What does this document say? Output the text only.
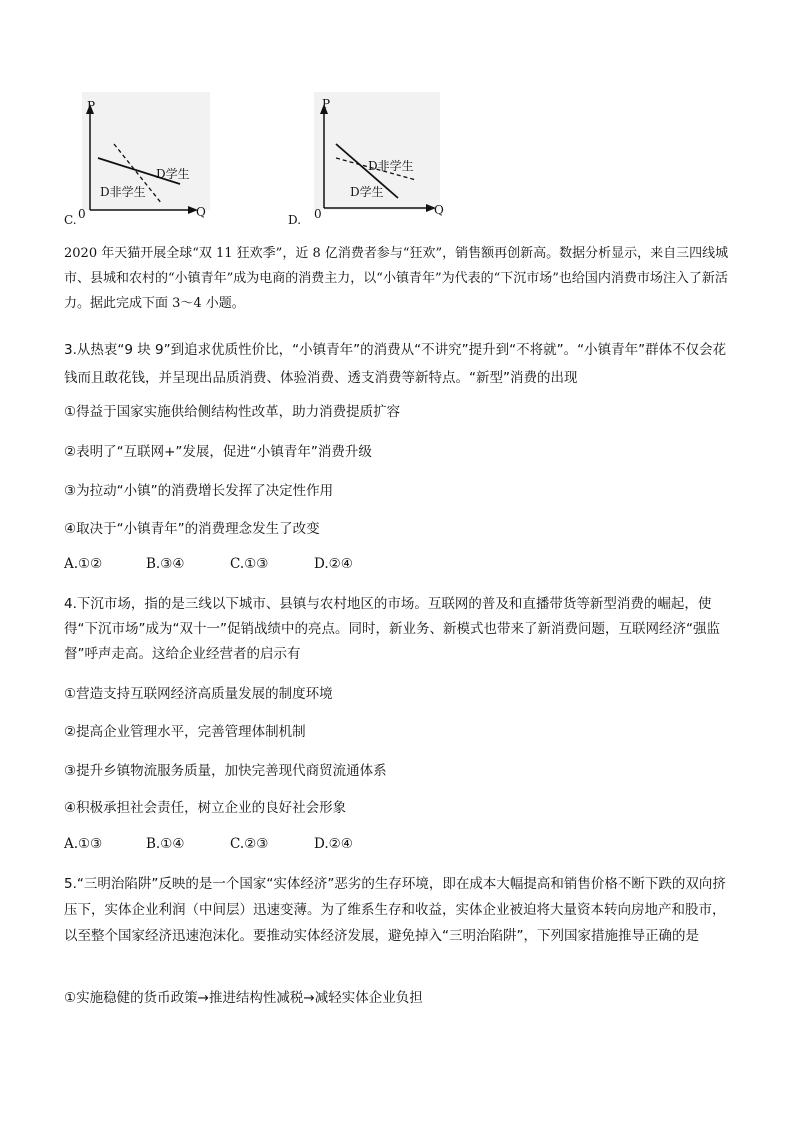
P
Q
0
D学生
D非学生
C.
P
Q
0
D非学生
D学生
D.
2020 年天猫开展全球“双 11 狂欢季”，近 8 亿消费者参与“狂欢”，销售额再创新高。数据分析显示，来自三四线城市、县城和农村的“小镇青年”成为电商的消费主力，以“小镇青年”为代表的“下沉市场”也给国内消费市场注入了新活力。据此完成下面 3～4 小题。
3.从热衷“9 块 9”到追求优质性价比，“小镇青年”的消费从“不讲究”提升到“不将就”。“小镇青年”群体不仅会花钱而且敢花钱，并呈现出品质消费、体验消费、透支消费等新特点。“新型”消费的出现
①得益于国家实施供给侧结构性改革，助力消费提质扩容
②表明了“互联网+”发展，促进“小镇青年”消费升级
③为拉动“小镇”的消费增长发挥了决定性作用
④取决于“小镇青年”的消费理念发生了改变
A.①②	B.③④	C.①③	D.②④
4.下沉市场，指的是三线以下城市、县镇与农村地区的市场。互联网的普及和直播带货等新型消费的崛起，使得“下沉市场”成为“双十一”促销战绩中的亮点。同时，新业务、新模式也带来了新消费问题，互联网经济“强监督”呼声走高。这给企业经营者的启示有
①营造支持互联网经济高质量发展的制度环境
②提高企业管理水平，完善管理体制机制
③提升乡镇物流服务质量，加快完善现代商贸流通体系
④积极承担社会责任，树立企业的良好社会形象
A.①③	B.①④	C.②③	D.②④
5.“三明治陷阱”反映的是一个国家“实体经济”恶劣的生存环境，即在成本大幅提高和销售价格不断下跌的双向挤压下，实体企业利润（中间层）迅速变薄。为了维系生存和收益，实体企业被迫将大量资本转向房地产和股市，以至整个国家经济迅速泡沫化。要推动实体经济发展，避免掉入“三明治陷阱”，下列国家措施推导正确的是
①实施稳健的货币政策→推进结构性减税→减轻实体企业负担
